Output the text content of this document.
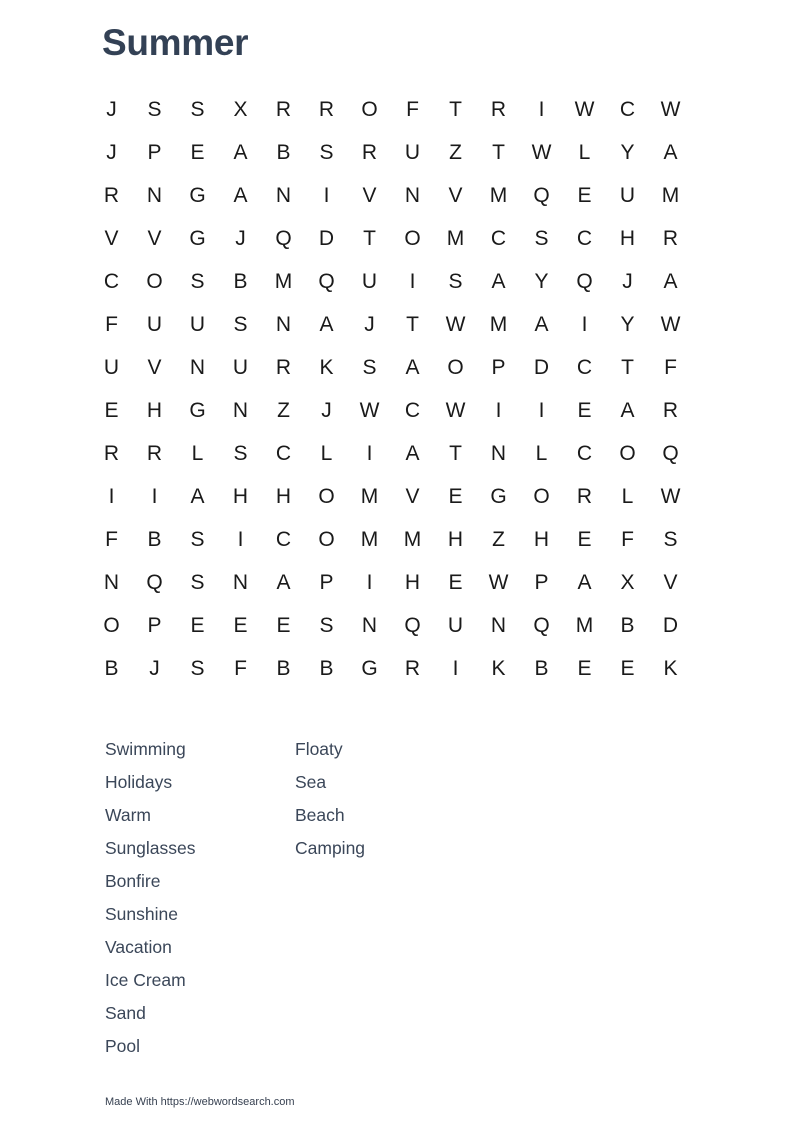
Summer
J	S	S	X	R	R	O	F	T	R	I	W	C	W
J	P	E	A	B	S	R	U	Z	T	W	L	Y	A
R	N	G	A	N	I	V	N	V	M	Q	E	U	M
V	V	G	J	Q	D	T	O	M	C	S	C	H	R
C	O	S	B	M	Q	U	I	S	A	Y	Q	J	A
F	U	U	S	N	A	J	T	W	M	A	I	Y	W
U	V	N	U	R	K	S	A	O	P	D	C	T	F
E	H	G	N	Z	J	W	C	W	I	I	E	A	R
R	R	L	S	C	L	I	A	T	N	L	C	O	Q
I	I	A	H	H	O	M	V	E	G	O	R	L	W
F	B	S	I	C	O	M	M	H	Z	H	E	F	S
N	Q	S	N	A	P	I	H	E	W	P	A	X	V
O	P	E	E	E	S	N	Q	U	N	Q	M	B	D
B	J	S	F	B	B	G	R	I	K	B	E	E	K
Swimming
Holidays
Warm
Sunglasses
Bonfire
Sunshine
Vacation
Ice Cream
Sand
Pool
Floaty
Sea
Beach
Camping
Made With https://webwordsearch.com
